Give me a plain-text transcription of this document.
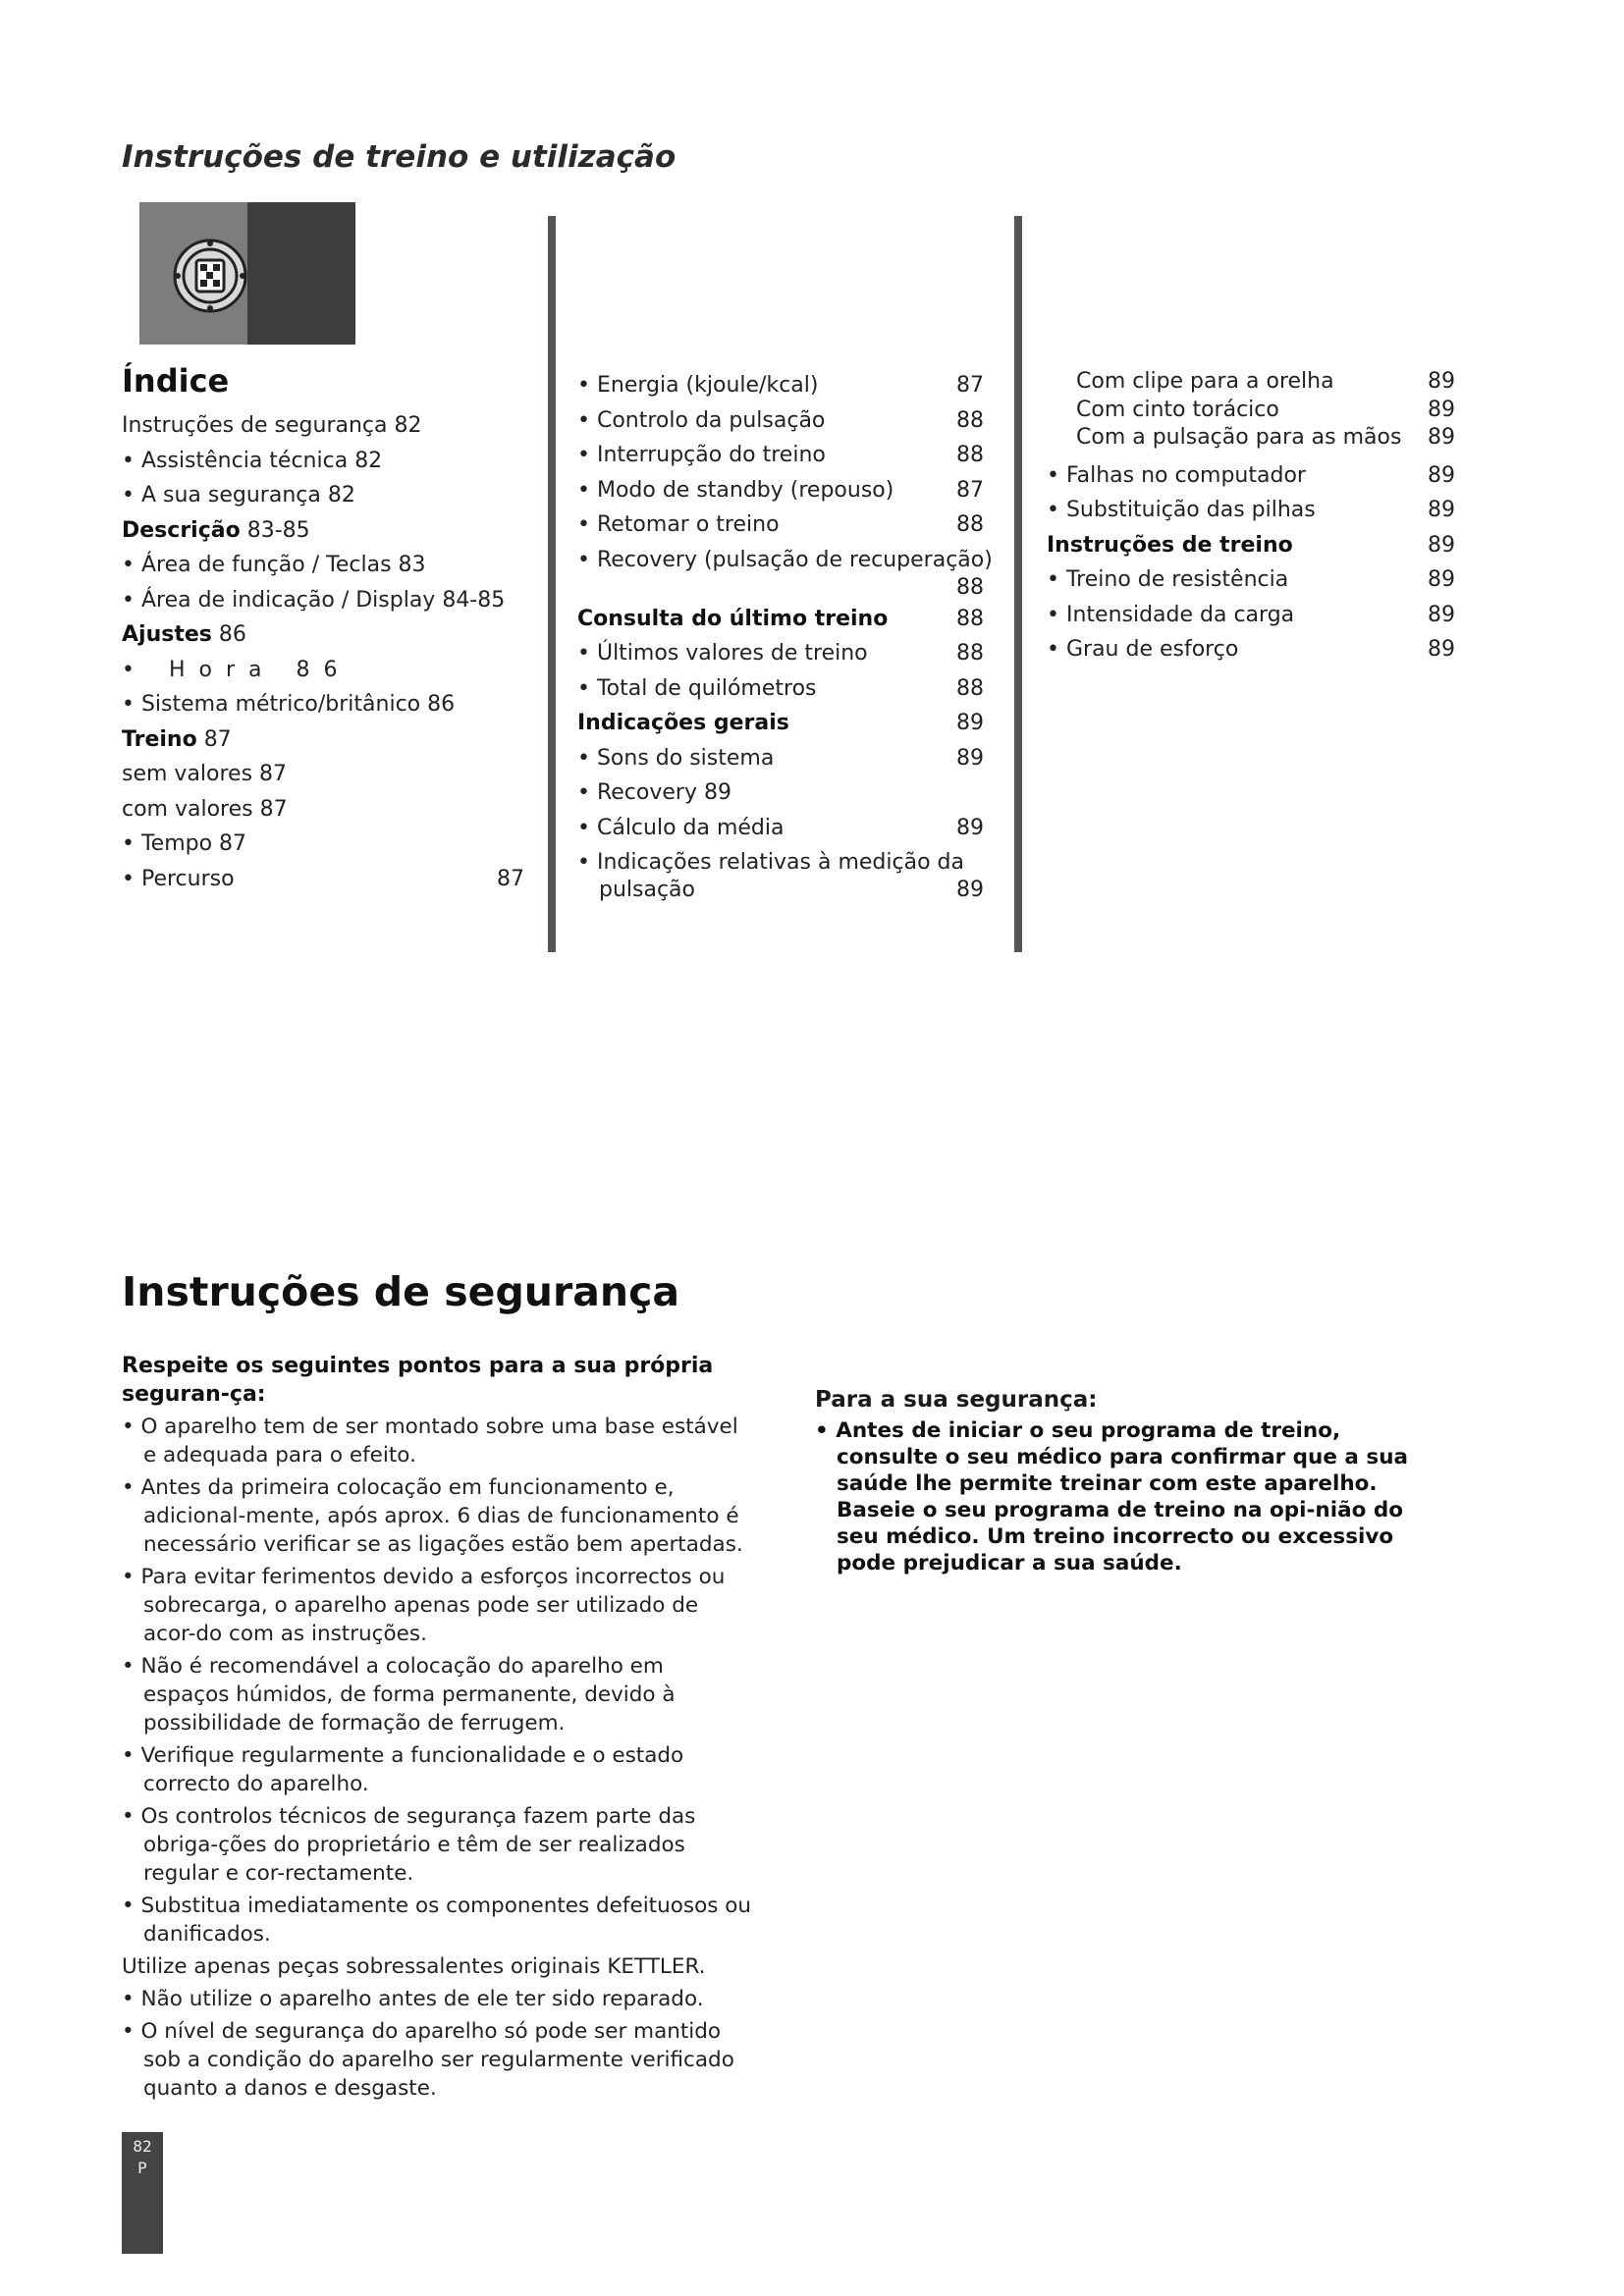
Instruções de treino e utilização
Índice
Instruções de segurança 82
• Assistência técnica 82
• A sua segurança 82
Descrição 83-85
• Área de função / Teclas 83
• Área de indicação / Display 84-85
Ajustes 86
• Hora 86
• Sistema métrico/britânico 86
Treino 87
sem valores 87
com valores 87
• Tempo 87
• Percurso	87
• Energia (kjoule/kcal)	87
• Controlo da pulsação	88
• Interrupção do treino	88
• Modo de standby (repouso)	87
• Retomar o treino	88
• Recovery (pulsação de recuperação)
88
Consulta do último treino	88
• Últimos valores de treino	88
• Total de quilómetros	88
Indicações gerais	89
• Sons do sistema	89
• Recovery 89
• Cálculo da média	89
• Indicações relativas à medição da
pulsação	89
Com clipe para a orelha	89
Com cinto torácico	89
Com a pulsação para as mãos 89
• Falhas no computador	89
• Substituição das pilhas	89
Instruções de treino	89
• Treino de resistência	89
• Intensidade da carga	89
• Grau de esforço	89
Instruções de segurança
Respeite os seguintes pontos para a sua própria seguran-ça:
• O aparelho tem de ser montado sobre uma base estável e adequada para o efeito.
• Antes da primeira colocação em funcionamento e, adicional-mente, após aprox. 6 dias de funcionamento é necessário verificar se as ligações estão bem apertadas.
• Para evitar ferimentos devido a esforços incorrectos ou sobrecarga, o aparelho apenas pode ser utilizado de acor-do com as instruções.
• Não é recomendável a colocação do aparelho em espaços húmidos, de forma permanente, devido à possibilidade de formação de ferrugem.
• Verifique regularmente a funcionalidade e o estado correcto do aparelho.
• Os controlos técnicos de segurança fazem parte das obriga-ções do proprietário e têm de ser realizados regular e cor-rectamente.
• Substitua imediatamente os componentes defeituosos ou danificados.
Utilize apenas peças sobressalentes originais KETTLER.
• Não utilize o aparelho antes de ele ter sido reparado.
• O nível de segurança do aparelho só pode ser mantido sob a condição do aparelho ser regularmente verificado quanto a danos e desgaste.
Para a sua segurança:
• Antes de iniciar o seu programa de treino, consulte o seu médico para confirmar que a sua saúde lhe permite treinar com este aparelho. Baseie o seu programa de treino na opi-nião do seu médico. Um treino incorrecto ou excessivo pode prejudicar a sua saúde.
82
P
